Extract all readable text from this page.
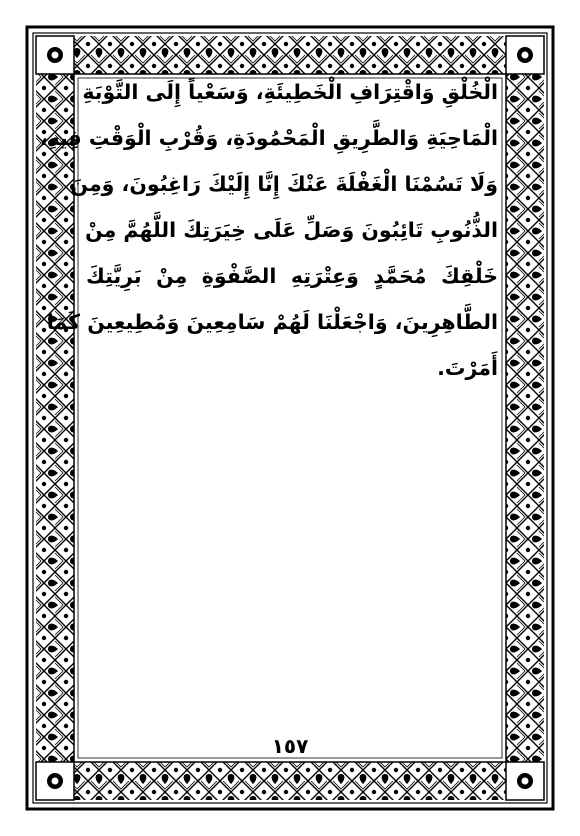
الْخُلْقِ وَاقْتِرَافِ الْخَطِيئَةِ، وَسَعْياً إِلَى التَّوْبَةِ
الْمَاحِيَةِ وَالطَّرِيقِ الْمَحْمُودَةِ، وَقُرْبِ الْوَقْتِ فِيهِ،
وَلَا تَسُمْنَا الْغَفْلَةَ عَنْكَ إِنَّا إِلَيْكَ رَاغِبُونَ، وَمِنَ
الذُّنُوبِ تَائِبُونَ وَصَلِّ عَلَى خِيَرَتِكَ اللَّهُمَّ مِنْ
خَلْقِكَ مُحَمَّدٍ وَعِتْرَتِهِ الصَّفْوَةِ مِنْ بَرِيَّتِكَ
الطَّاهِرِينَ، وَاجْعَلْنَا لَهُمْ سَامِعِينَ وَمُطِيعِينَ كَمَا
أَمَرْتَ.
١٥٧
